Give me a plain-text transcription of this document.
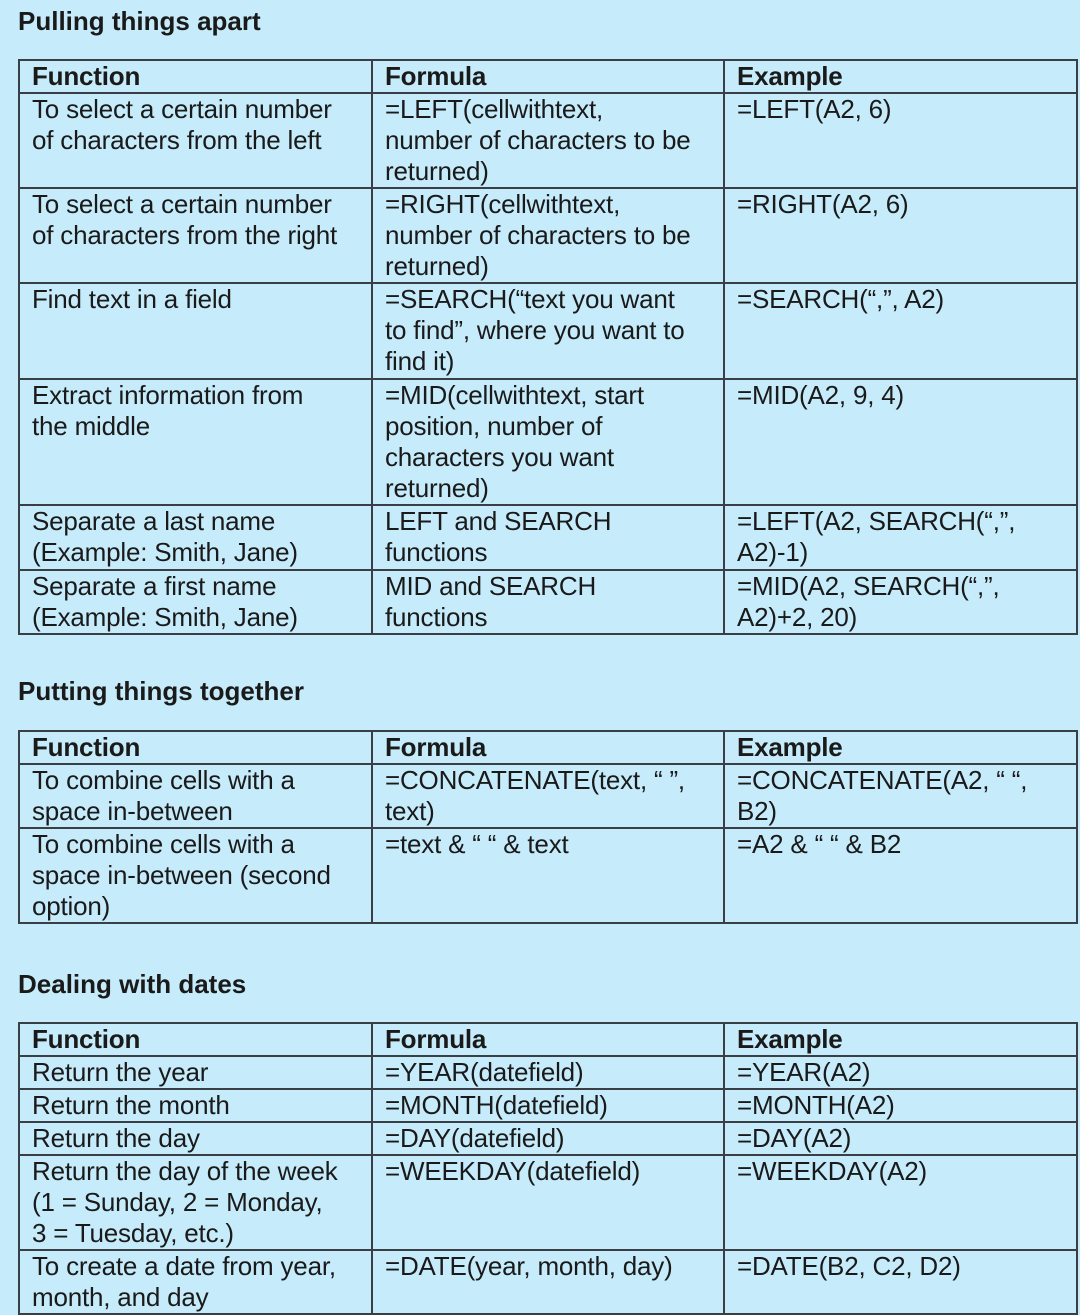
Pulling things apart
Function	Formula	Example
To select a certain number
of characters from the left	=LEFT(cellwithtext,
number of characters to be
returned)	=LEFT(A2, 6)
To select a certain number
of characters from the right	=RIGHT(cellwithtext,
number of characters to be
returned)	=RIGHT(A2, 6)
Find text in a field	=SEARCH(“text you want
to find”, where you want to
find it)	=SEARCH(“,”, A2)
Extract information from
the middle	=MID(cellwithtext, start
position, number of
characters you want
returned)	=MID(A2, 9, 4)
Separate a last name
(Example: Smith, Jane)	LEFT and SEARCH
functions	=LEFT(A2, SEARCH(“,”,
A2)-1)
Separate a first name
(Example: Smith, Jane)	MID and SEARCH
functions	=MID(A2, SEARCH(“,”,
A2)+2, 20)
Putting things together
Function	Formula	Example
To combine cells with a
space in-between	=CONCATENATE(text, “ ”,
text)	=CONCATENATE(A2, “ “,
B2)
To combine cells with a
space in-between (second
option)	=text & “ “ & text	=A2 & “ “ & B2
Dealing with dates
Function	Formula	Example
Return the year	=YEAR(datefield)	=YEAR(A2)
Return the month	=MONTH(datefield)	=MONTH(A2)
Return the day	=DAY(datefield)	=DAY(A2)
Return the day of the week
(1 = Sunday, 2 = Monday,
3 = Tuesday, etc.)	=WEEKDAY(datefield)	=WEEKDAY(A2)
To create a date from year,
month, and day	=DATE(year, month, day)	=DATE(B2, C2, D2)
